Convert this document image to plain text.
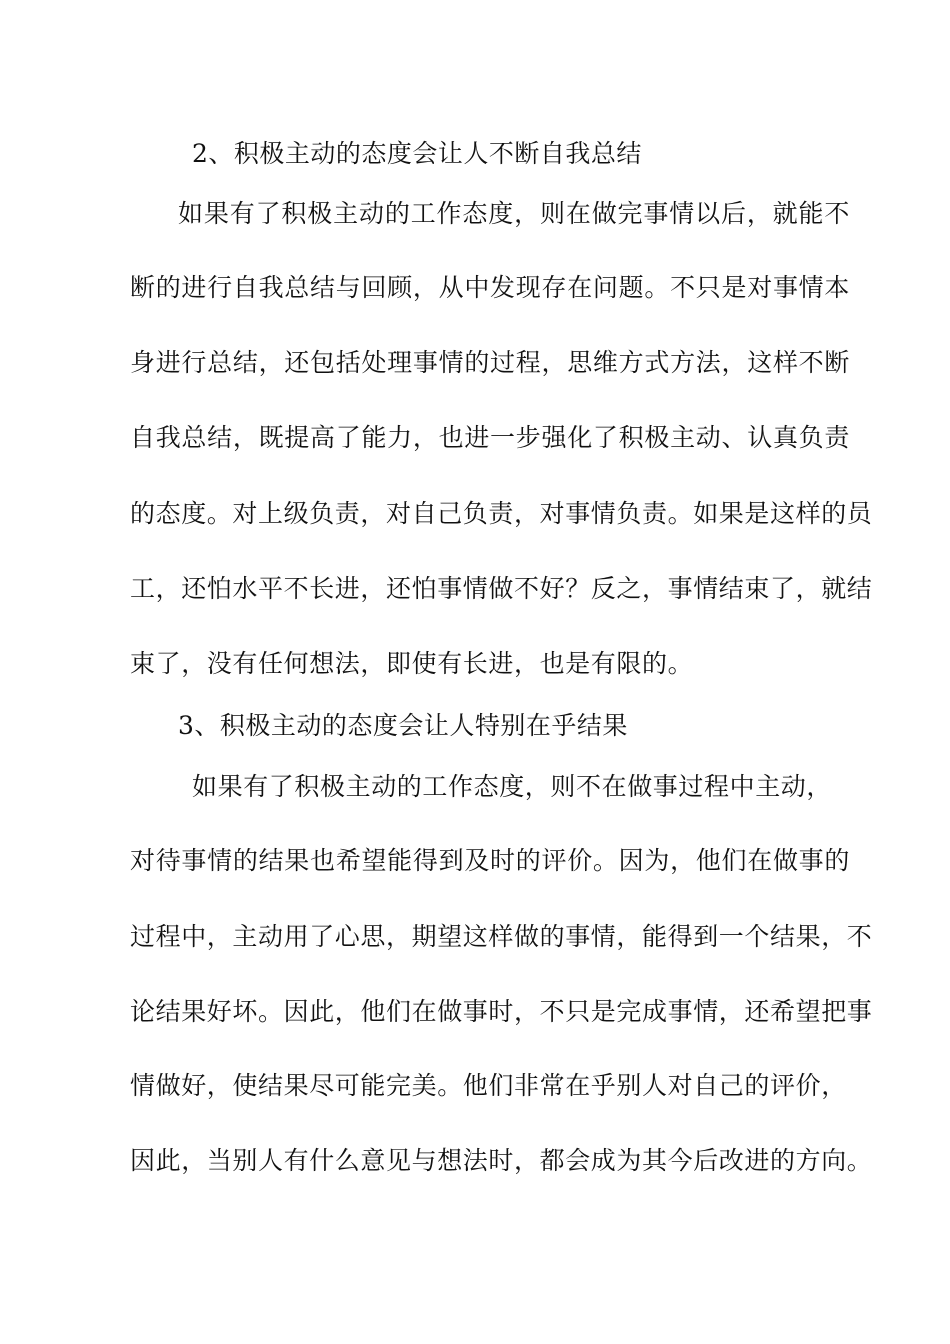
2、积极主动的态度会让人不断自我总结
如果有了积极主动的工作态度，则在做完事情以后，就能不
断的进行自我总结与回顾，从中发现存在问题。不只是对事情本
身进行总结，还包括处理事情的过程，思维方式方法，这样不断
自我总结，既提高了能力，也进一步强化了积极主动、认真负责
的态度。对上级负责，对自己负责，对事情负责。如果是这样的员
工，还怕水平不长进，还怕事情做不好？反之，事情结束了，就结
束了，没有任何想法，即使有长进，也是有限的。
3、积极主动的态度会让人特别在乎结果
如果有了积极主动的工作态度，则不在做事过程中主动，
对待事情的结果也希望能得到及时的评价。因为，他们在做事的
过程中，主动用了心思，期望这样做的事情，能得到一个结果，不
论结果好坏。因此，他们在做事时，不只是完成事情，还希望把事
情做好，使结果尽可能完美。他们非常在乎别人对自己的评价，
因此，当别人有什么意见与想法时，都会成为其今后改进的方向。
